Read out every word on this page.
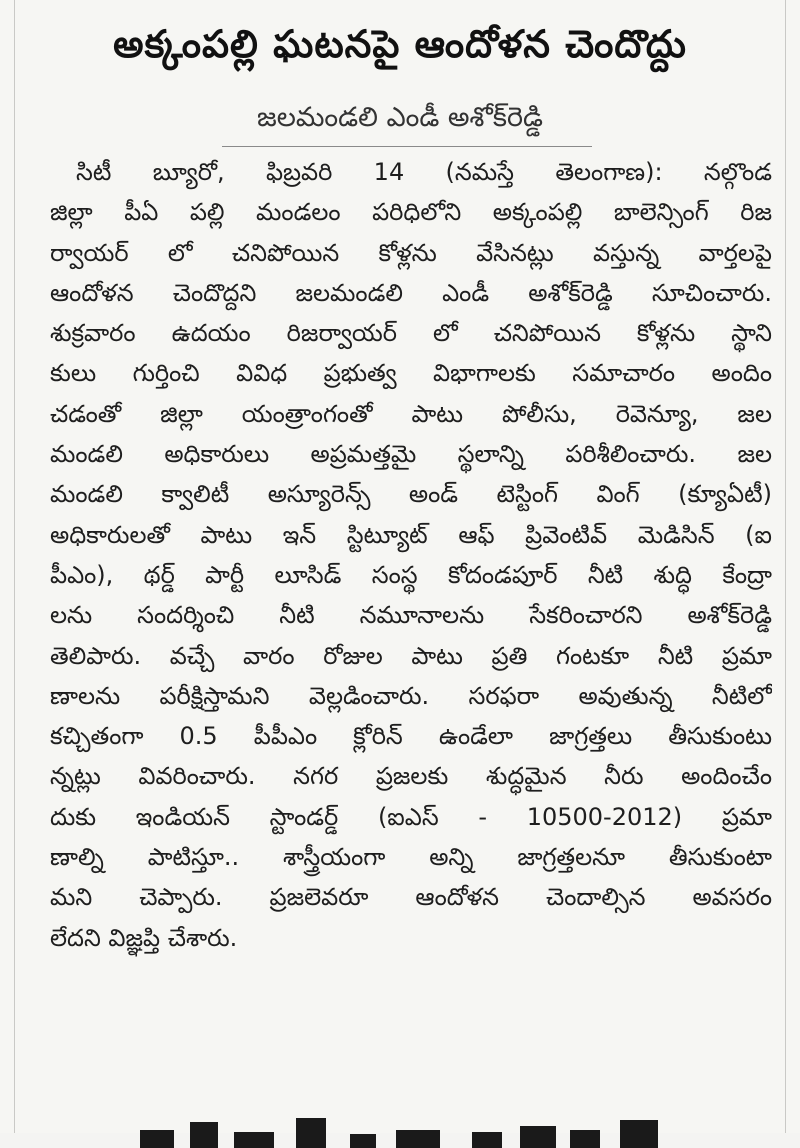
అక్కంపల్లి ఘటనపై ఆందోళన చెందొద్దు
జలమండలి ఎండీ అశోక్‌రెడ్డి
సిటీ బ్యూరో, ఫిబ్రవరి 14 (నమస్తే తెలంగాణ): నల్గొండ
జిల్లా పీఏ పల్లి మండలం పరిధిలోని అక్కంపల్లి బాలెన్సింగ్ రిజ
ర్వాయర్ లో చనిపోయిన కోళ్లను వేసినట్లు వస్తున్న వార్తలపై
ఆందోళన చెందొద్దని జలమండలి ఎండీ అశోక్‌రెడ్డి సూచించారు.
శుక్రవారం ఉదయం రిజర్వాయర్ లో చనిపోయిన కోళ్లను స్థాని
కులు గుర్తించి వివిధ ప్రభుత్వ విభాగాలకు సమాచారం అందిం
చడంతో జిల్లా యంత్రాంగంతో పాటు పోలీసు, రెవెన్యూ, జల
మండలి అధికారులు అప్రమత్తమై స్థలాన్ని పరిశీలించారు. జల
మండలి క్వాలిటీ అస్యూరెన్స్ అండ్ టెస్టింగ్ వింగ్ (క్యూఏటీ)
అధికారులతో పాటు ఇన్ స్టిట్యూట్ ఆఫ్ ప్రివెంటివ్ మెడిసిన్ (ఐ
పీఎం), థర్డ్ పార్టీ లూసిడ్ సంస్థ కోదండపూర్ నీటి శుద్ధి కేంద్రా
లను సందర్శించి నీటి నమూనాలను సేకరించారని అశోక్‌రెడ్డి
తెలిపారు. వచ్చే వారం రోజుల పాటు ప్రతి గంటకూ నీటి ప్రమా
ణాలను పరీక్షిస్తామని వెల్లడించారు. సరఫరా అవుతున్న నీటిలో
కచ్చితంగా 0.5 పీపీఎం క్లోరిన్ ఉండేలా జాగ్రత్తలు తీసుకుంటు
న్నట్లు వివరించారు. నగర ప్రజలకు శుద్ధమైన నీరు అందించేం
దుకు ఇండియన్ స్టాండర్డ్ (ఐఎస్ - 10500-2012) ప్రమా
ణాల్ని పాటిస్తూ.. శాస్త్రీయంగా అన్ని జాగ్రత్తలనూ తీసుకుంటా
మని చెప్పారు. ప్రజలెవరూ ఆందోళన చెందాల్సిన అవసరం
లేదని విజ్ఞప్తి చేశారు.
